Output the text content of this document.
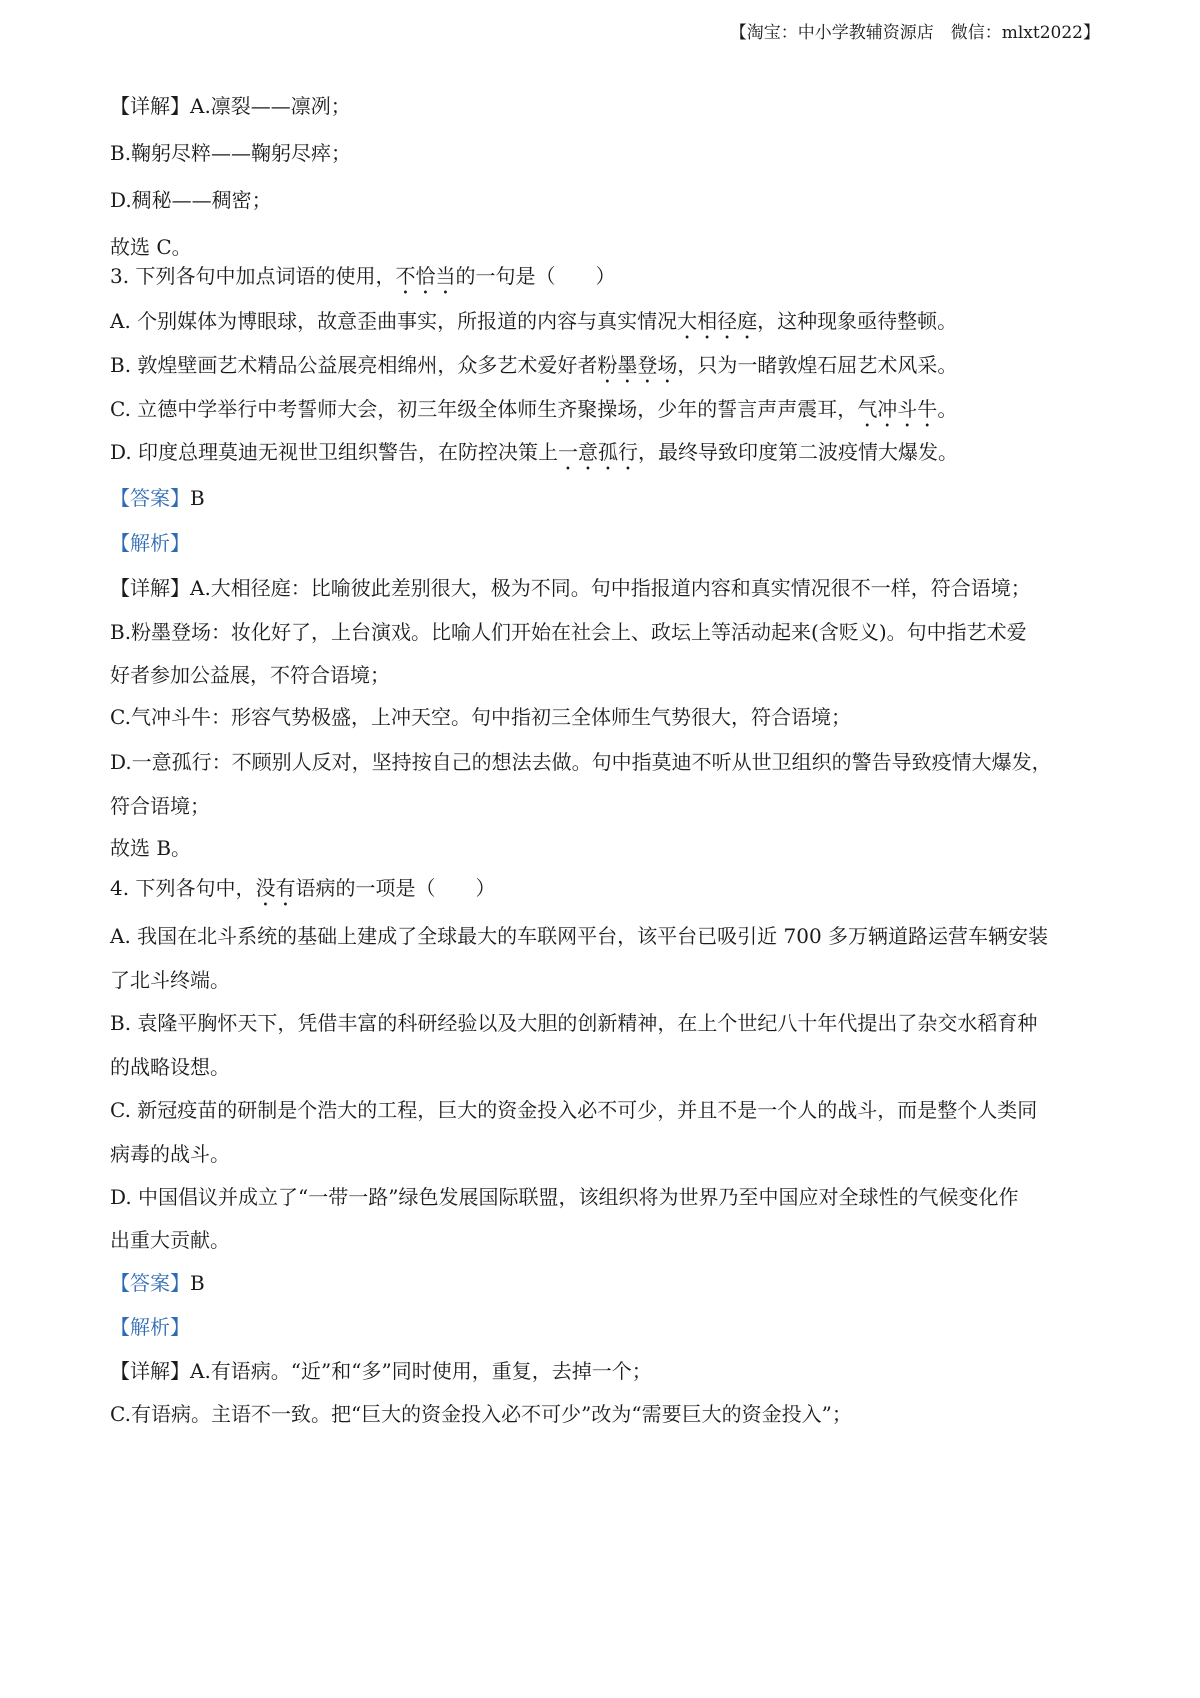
【淘宝：中小学教辅资源店　微信：mlxt2022】
【详解】A.凛裂——凛冽；
B.鞠躬尽粹——鞠躬尽瘁；
D.稠秘——稠密；
故选 C。
3. 下列各句中加点词语的使用，不恰当的一句是（　　）
A. 个别媒体为博眼球，故意歪曲事实，所报道的内容与真实情况大相径庭，这种现象亟待整顿。
B. 敦煌壁画艺术精品公益展亮相绵州，众多艺术爱好者粉墨登场，只为一睹敦煌石屈艺术风采。
C. 立德中学举行中考誓师大会，初三年级全体师生齐聚操场，少年的誓言声声震耳，气冲斗牛。
D. 印度总理莫迪无视世卫组织警告，在防控决策上一意孤行，最终导致印度第二波疫情大爆发。
【答案】B
【解析】
【详解】A.大相径庭：比喻彼此差别很大，极为不同。句中指报道内容和真实情况很不一样，符合语境；
B.粉墨登场：妆化好了，上台演戏。比喻人们开始在社会上、政坛上等活动起来(含贬义)。句中指艺术爱
好者参加公益展，不符合语境；
C.气冲斗牛：形容气势极盛，上冲天空。句中指初三全体师生气势很大，符合语境；
D.一意孤行：不顾别人反对，坚持按自己的想法去做。句中指莫迪不听从世卫组织的警告导致疫情大爆发，
符合语境；
故选 B。
4. 下列各句中，没有语病的一项是（　　）
A. 我国在北斗系统的基础上建成了全球最大的车联网平台，该平台已吸引近 700 多万辆道路运营车辆安装
了北斗终端。
B. 袁隆平胸怀天下，凭借丰富的科研经验以及大胆的创新精神，在上个世纪八十年代提出了杂交水稻育种
的战略设想。
C. 新冠疫苗的研制是个浩大的工程，巨大的资金投入必不可少，并且不是一个人的战斗，而是整个人类同
病毒的战斗。
D. 中国倡议并成立了“一带一路”绿色发展国际联盟，该组织将为世界乃至中国应对全球性的气候变化作
出重大贡献。
【答案】B
【解析】
【详解】A.有语病。“近”和“多”同时使用，重复，去掉一个；
C.有语病。主语不一致。把“巨大的资金投入必不可少”改为“需要巨大的资金投入”；
